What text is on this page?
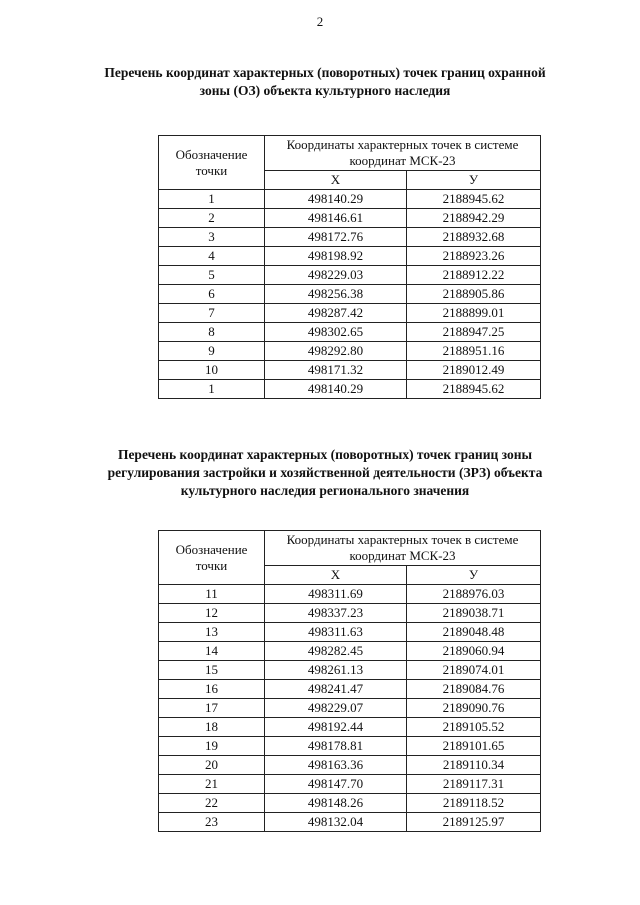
2
Перечень координат характерных (поворотных) точек границ охранной зоны (ОЗ) объекта культурного наследия
Обозначение точки	Координаты характерных точек в системе координат МСК-23	
	X	У
1	498140.29	2188945.62
2	498146.61	2188942.29
3	498172.76	2188932.68
4	498198.92	2188923.26
5	498229.03	2188912.22
6	498256.38	2188905.86
7	498287.42	2188899.01
8	498302.65	2188947.25
9	498292.80	2188951.16
10	498171.32	2189012.49
1	498140.29	2188945.62
Перечень координат характерных (поворотных) точек границ зоны регулирования застройки и хозяйственной деятельности (ЗРЗ) объекта культурного наследия регионального значения
Обозначение точки	Координаты характерных точек в системе координат МСК-23	
	X	У
11	498311.69	2188976.03
12	498337.23	2189038.71
13	498311.63	2189048.48
14	498282.45	2189060.94
15	498261.13	2189074.01
16	498241.47	2189084.76
17	498229.07	2189090.76
18	498192.44	2189105.52
19	498178.81	2189101.65
20	498163.36	2189110.34
21	498147.70	2189117.31
22	498148.26	2189118.52
23	498132.04	2189125.97
